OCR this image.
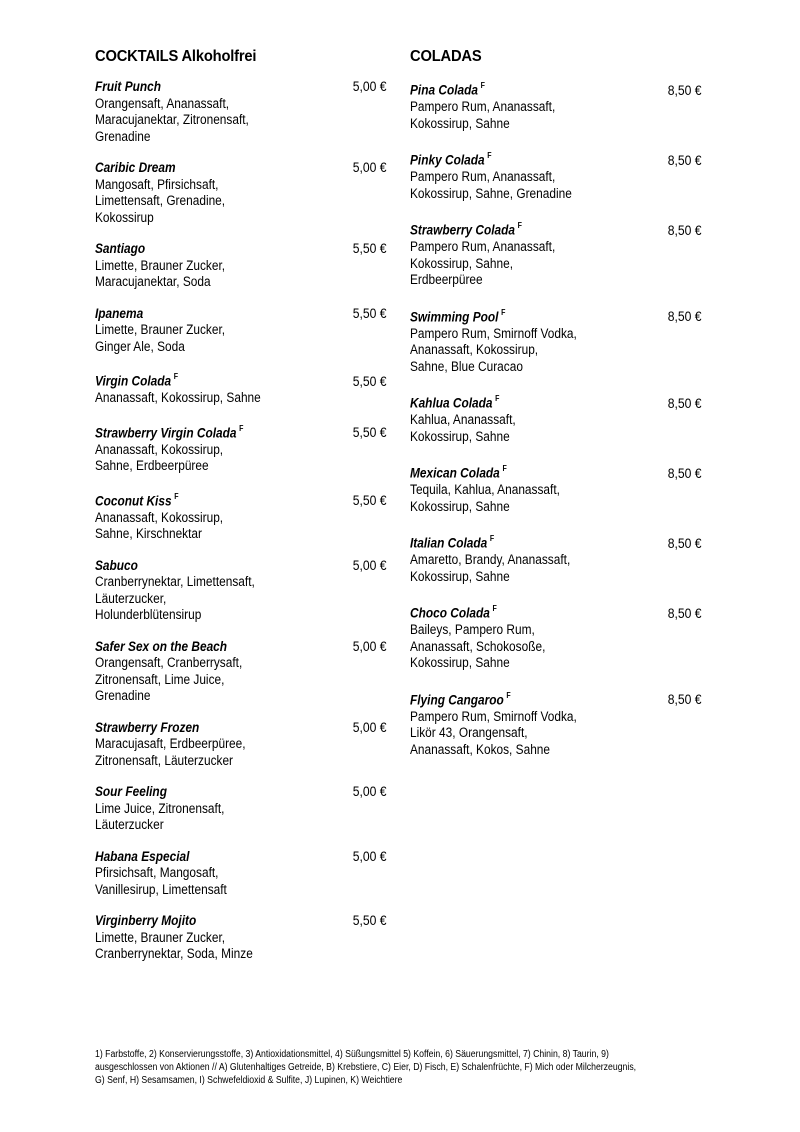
COCKTAILS Alkoholfrei
Fruit Punch	5,00 €
Orangensaft, Ananassaft, Maracujanektar, Zitronensaft, Grenadine
Caribic Dream	5,00 €
Mangosaft, Pfirsichsaft, Limettensaft, Grenadine, Kokossirup
Santiago	5,50 €
Limette, Brauner Zucker, Maracujanektar, Soda
Ipanema	5,50 €
Limette, Brauner Zucker, Ginger Ale, Soda
Virgin Colada $^F$	5,50 €
Ananassaft, Kokossirup, Sahne
Strawberry Virgin Colada $^F$	5,50 €
Ananassaft, Kokossirup, Sahne, Erdbeerpüree
Coconut Kiss $^F$	5,50 €
Ananassaft, Kokossirup, Sahne, Kirschnektar
Sabuco	5,00 €
Cranberrynektar, Limettensaft, Läuterzucker, Holunderblütensirup
Safer Sex on the Beach	5,00 €
Orangensaft, Cranberrysaft, Zitronensaft, Lime Juice, Grenadine
Strawberry Frozen	5,00 €
Maracujasaft, Erdbeerpüree, Zitronensaft, Läuterzucker
Sour Feeling	5,00 €
Lime Juice, Zitronensaft, Läuterzucker
Habana Especial	5,00 €
Pfirsichsaft, Mangosaft, Vanillesirup, Limettensaft
Virginberry Mojito	5,50 €
Limette, Brauner Zucker, Cranberrynektar, Soda, Minze
COLADAS
Pina Colada $^F$	8,50 €
Pampero Rum, Ananassaft, Kokossirup, Sahne
Pinky Colada $^F$	8,50 €
Pampero Rum, Ananassaft, Kokossirup, Sahne, Grenadine
Strawberry Colada $^F$	8,50 €
Pampero Rum, Ananassaft, Kokossirup, Sahne, Erdbeerpüree
Swimming Pool $^F$	8,50 €
Pampero Rum, Smirnoff Vodka, Ananassaft, Kokossirup, Sahne, Blue Curacao
Kahlua Colada $^F$	8,50 €
Kahlua, Ananassaft, Kokossirup, Sahne
Mexican Colada $^F$	8,50 €
Tequila, Kahlua, Ananassaft, Kokossirup, Sahne
Italian Colada $^F$	8,50 €
Amaretto, Brandy, Ananassaft, Kokossirup, Sahne
Choco Colada $^F$	8,50 €
Baileys, Pampero Rum, Ananassaft, Schokosoße, Kokossirup, Sahne
Flying Cangaroo $^F$	8,50 €
Pampero Rum, Smirnoff Vodka, Likör 43, Orangensaft, Ananassaft, Kokos, Sahne
1) Farbstoffe, 2) Konservierungsstoffe, 3) Antioxidationsmittel, 4) Süßungsmittel 5) Koffein, 6) Säuerungsmittel, 7) Chinin, 8) Taurin, 9)
ausgeschlossen von Aktionen // A) Glutenhaltiges Getreide, B) Krebstiere, C) Eier, D) Fisch, E) Schalenfrüchte, F) Mich oder Milcherzeugnis,
G) Senf, H) Sesamsamen, I) Schwefeldioxid & Sulfite, J) Lupinen, K) Weichtiere
